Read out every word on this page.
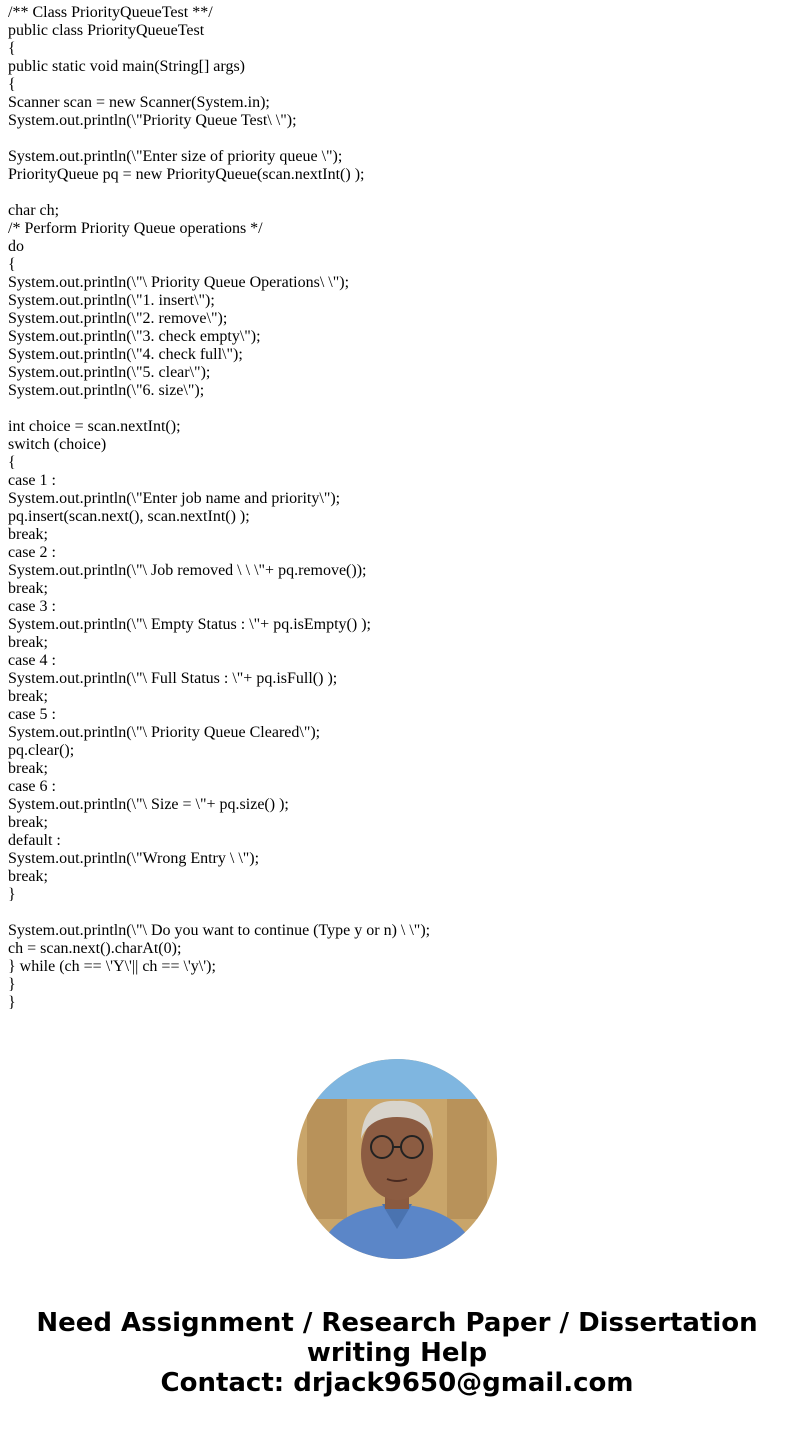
/** Class PriorityQueueTest **/
public class PriorityQueueTest
{
public static void main(String[] args)
{
Scanner scan = new Scanner(System.in);
System.out.println(\"Priority Queue Test\ \");
System.out.println(\"Enter size of priority queue \");
PriorityQueue pq = new PriorityQueue(scan.nextInt() );
char ch;
/* Perform Priority Queue operations */
do
{
System.out.println(\"\ Priority Queue Operations\ \");
System.out.println(\"1. insert\");
System.out.println(\"2. remove\");
System.out.println(\"3. check empty\");
System.out.println(\"4. check full\");
System.out.println(\"5. clear\");
System.out.println(\"6. size\");
int choice = scan.nextInt();
switch (choice)
{
case 1 :
System.out.println(\"Enter job name and priority\");
pq.insert(scan.next(), scan.nextInt() );
break;
case 2 :
System.out.println(\"\ Job removed \ \ \"+ pq.remove());
break;
case 3 :
System.out.println(\"\ Empty Status : \"+ pq.isEmpty() );
break;
case 4 :
System.out.println(\"\ Full Status : \"+ pq.isFull() );
break;
case 5 :
System.out.println(\"\ Priority Queue Cleared\");
pq.clear();
break;
case 6 :
System.out.println(\"\ Size = \"+ pq.size() );
break;
default :
System.out.println(\"Wrong Entry \ \");
break;
}
System.out.println(\"\ Do you want to continue (Type y or n) \ \");
ch = scan.next().charAt(0);
} while (ch == \'Y\'|| ch == \'y\');
}
}
Need Assignment / Research Paper / Dissertation writing Help
Contact: drjack9650@gmail.com
